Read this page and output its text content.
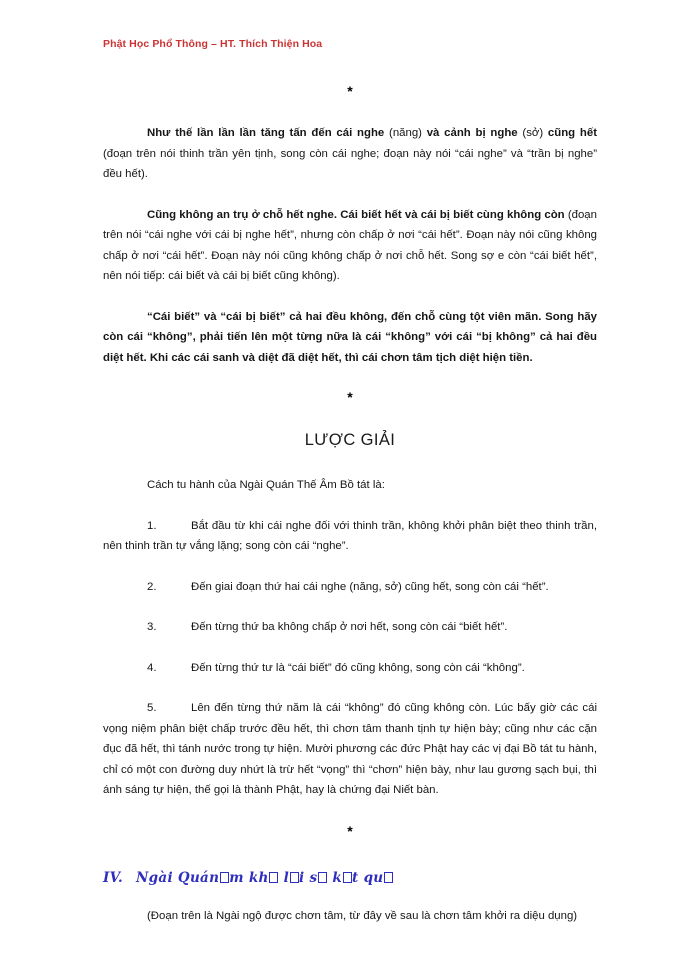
Phật Học Phổ Thông – HT. Thích Thiện Hoa
*

Như thế lần lần lần tăng tấn đến cái nghe (năng) và cảnh bị nghe (sở) cũng hết (đoạn trên nói thinh trần yên tịnh, song còn cái nghe; đoạn này nói “cái nghe” và “trần bị nghe” đều hết).

Cũng không an trụ ở chỗ hết nghe. Cái biết hết và cái bị biết cùng không còn (đoạn trên nói “cái nghe với cái bị nghe hết”, nhưng còn chấp ở nơi “cái hết”. Đoạn này nói cũng không chấp ở nơi “cái hết”. Đoạn này nói cũng không chấp ở nơi chỗ hết. Song sợ e còn “cái biết hết”, nên nói tiếp: cái biết và cái bị biết cũng không).

“Cái biết” và “cái bị biết” cả hai đều không, đến chỗ cùng tột viên mãn. Song hãy còn cái “không”, phải tiến lên một từng nữa là cái “không” với cái “bị không” cả hai đều diệt hết. Khi các cái sanh và diệt đã diệt hết, thì cái chơn tâm tịch diệt hiện tiền.

*
LƯỢC GIẢI

Cách tu hành của Ngài Quán Thế Âm Bồ tát là:

1.	Bắt đầu từ khi cái nghe đối với thinh trần, không khởi phân biệt theo thinh trần, nên thinh trần tự vắng lặng; song còn cái “nghe”.
2.	Đến giai đoạn thứ hai cái nghe (năng, sở) cũng hết, song còn cái “hết”.
3.	Đến từng thứ ba không chấp ở nơi hết, song còn cái “biết hết”.
4.	Đến từng thứ tư là “cái biết” đó cũng không, song còn cái “không”.
5.	Lên đến từng thứ năm là cái “không” đó cũng không còn. Lúc bấy giờ các cái vọng niệm phân biệt chấp trước đều hết, thì chơn tâm thanh tịnh tự hiện bày; cũng như các cặn đục đã hết, thì tánh nước trong tự hiện. Mười phương các đức Phật hay các vị đại Bồ tát tu hành, chỉ có một con đường duy nhứt là trừ hết “vọng” thì “chơn” hiện bày, như lau gương sạch bụi, thì ánh sáng tự hiện, thế gọi là thành Phật, hay là chứng đại Niết bàn.
*
IV. Ngài Quán m kh l i s k t qu

(Đoạn trên là Ngài ngộ được chơn tâm, từ đây về sau là chơn tâm khởi ra diệu dụng)
